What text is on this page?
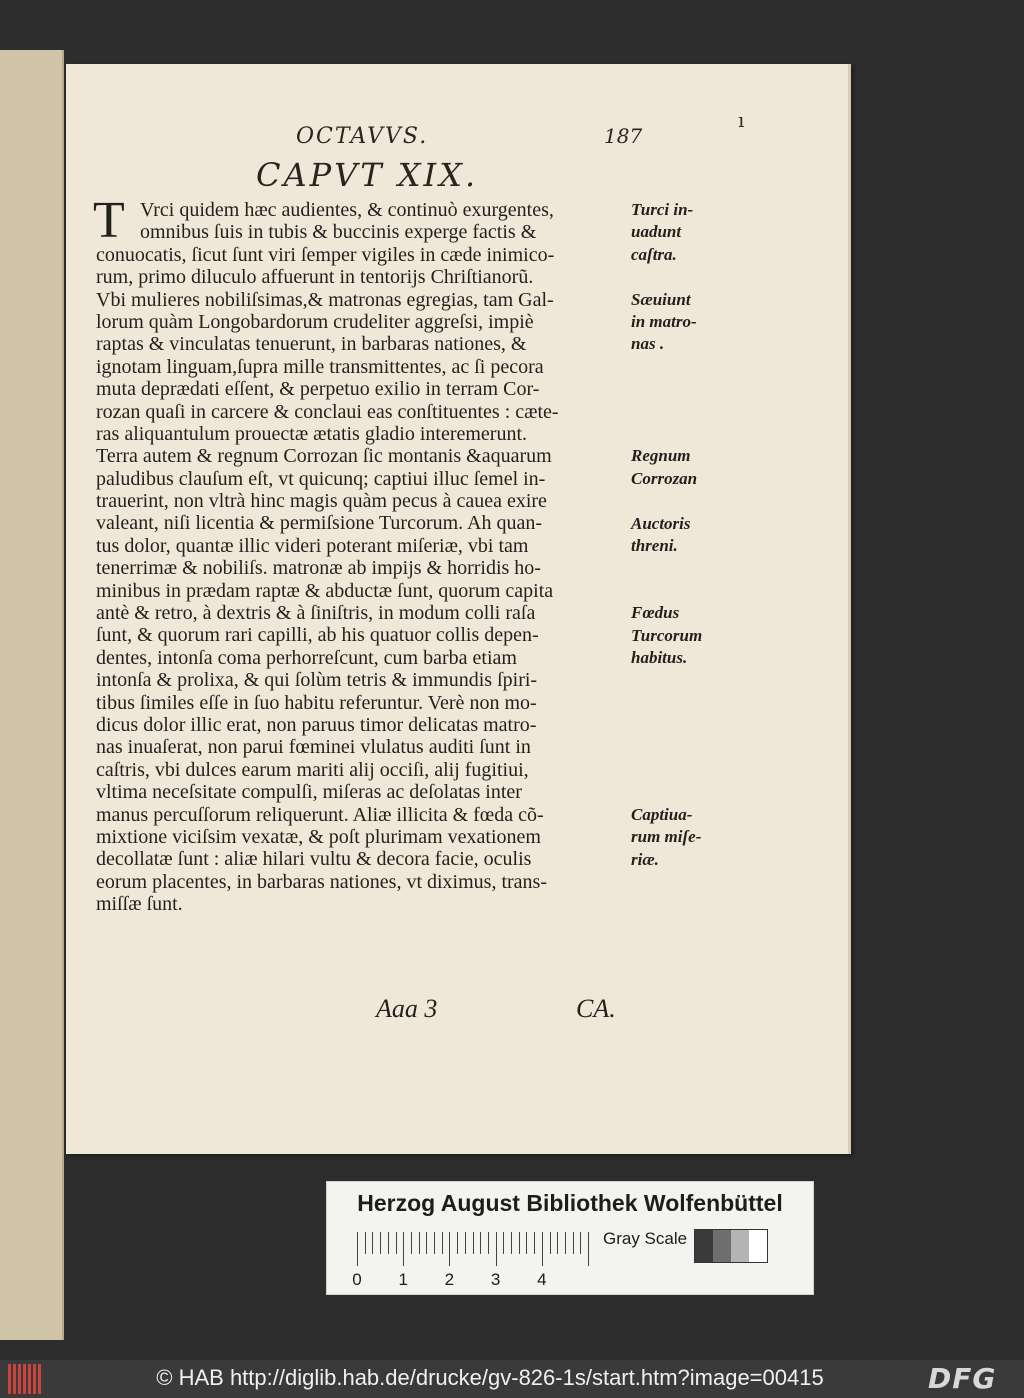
ı
OCTAVVS.	187
CAPVT XIX.
T Vrci quidem hæc audientes, & continuò exurgentes,
omnibus ſuis in tubis & buccinis experge factis &
conuocatis, ſicut ſunt viri ſemper vigiles in cæde inimico-
rum, primo diluculo affuerunt in tentorijs Chriſtianorũ.
Vbi mulieres nobiliſsimas,& matronas egregias, tam Gal-
lorum quàm Longobardorum crudeliter aggreſsi, impiè
raptas & vinculatas tenuerunt, in barbaras nationes, &
ignotam linguam,ſupra mille transmittentes, ac ſi pecora
muta deprædati eſſent, & perpetuo exilio in terram Cor-
rozan quaſi in carcere & conclaui eas conſtituentes : cæte-
ras aliquantulum prouectæ ætatis gladio interemerunt.
Terra autem & regnum Corrozan ſic montanis &aquarum
paludibus clauſum eſt, vt quicunq; captiui illuc ſemel in-
trauerint, non vltrà hinc magis quàm pecus à cauea exire
valeant, niſi licentia & permiſsione Turcorum. Ah quan-
tus dolor, quantæ illic videri poterant miſeriæ, vbi tam
tenerrimæ & nobiliſs. matronæ ab impijs & horridis ho-
minibus in prædam raptæ & abductæ ſunt, quorum capita
antè & retro, à dextris & à ſiniſtris, in modum colli raſa
ſunt, & quorum rari capilli, ab his quatuor collis depen-
dentes, intonſa coma perhorreſcunt, cum barba etiam
intonſa & prolixa, & qui ſolùm tetris & immundis ſpiri-
tibus ſimiles eſſe in ſuo habitu referuntur. Verè non mo-
dicus dolor illic erat, non paruus timor delicatas matro-
nas inuaſerat, non parui fœminei vlulatus auditi ſunt in
caſtris, vbi dulces earum mariti alij occiſi, alij fugitiui,
vltima neceſsitate compulſi, miſeras ac deſolatas inter
manus percuſſorum reliquerunt. Aliæ illicita & fœda cõ-
mixtione viciſsim vexatæ, & poſt plurimam vexationem
decollatæ ſunt : aliæ hilari vultu & decora facie, oculis
eorum placentes, in barbaras nationes, vt diximus, trans-
miſſæ ſunt.
Turci in-
uadunt
caſtra.
Sæuiunt
in matro-
nas .
Regnum
Corrozan
Auctoris
threni.
Fœdus
Turcorum
habitus.
Captiua-
rum miſe-
riæ.
Aaa 3	CA.
Herzog August Bibliothek Wolfenbüttel
0	1	2	3	4
Gray Scale
© HAB http://diglib.hab.de/drucke/gv-826-1s/start.htm?image=00415	DFG
